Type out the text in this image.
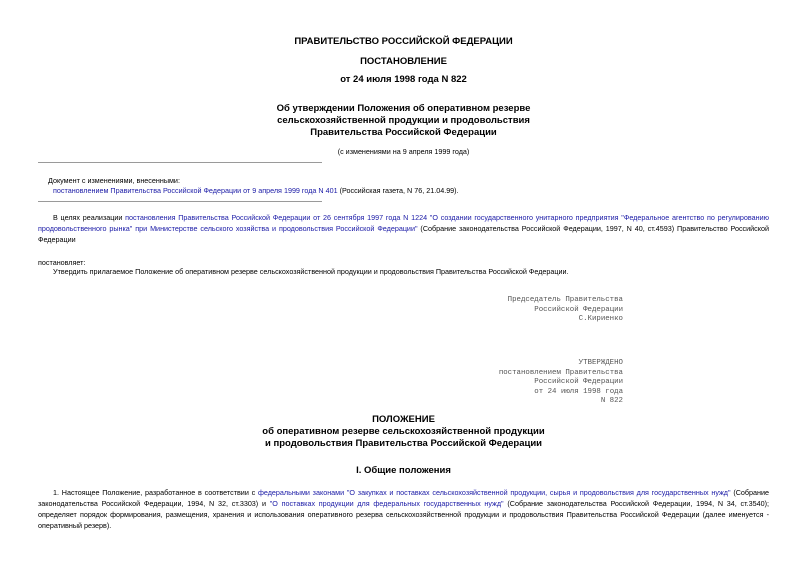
ПРАВИТЕЛЬСТВО РОССИЙСКОЙ ФЕДЕРАЦИИ
ПОСТАНОВЛЕНИЕ
от 24 июля 1998 года N 822
Об утверждении Положения об оперативном резерве
сельскохозяйственной продукции и продовольствия
Правительства Российской Федерации
(с изменениями на 9 апреля 1999 года)
Документ с изменениями, внесенными:
постановлением Правительства Российской Федерации от 9 апреля 1999 года N 401 (Российская газета, N 76, 21.04.99).
В целях реализации постановления Правительства Российской Федерации от 26 сентября 1997 года N 1224 "О создании государственного унитарного предприятия "Федеральное агентство по регулированию
продовольственного рынка" при Министерстве сельского хозяйства и продовольствия Российской Федерации" (Собрание законодательства Российской Федерации, 1997, N 40, ст.4593) Правительство Российской
Федерации
постановляет:
Утвердить прилагаемое Положение об оперативном резерве сельскохозяйственной продукции и продовольствия Правительства Российской Федерации.
Председатель Правительства
Российской Федерации
С.Кириенко
УТВЕРЖДЕНО
постановлением Правительства
Российской Федерации
от 24 июля 1998 года
N 822
ПОЛОЖЕНИЕ
об оперативном резерве сельскохозяйственной продукции
и продовольствия Правительства Российской Федерации
I. Общие положения
1. Настоящее Положение, разработанное в соответствии с федеральными законами "О закупках и поставках сельскохозяйственной продукции, сырья и продовольствия для государственных нужд" (Собрание
законодательства Российской Федерации, 1994, N 32, ст.3303) и "О поставках продукции для федеральных государственных нужд" (Собрание законодательства Российской Федерации, 1994, N 34, ст.3540);
определяет порядок формирования, размещения, хранения и использования оперативного резерва сельскохозяйственной продукции и продовольствия Правительства Российской Федерации (далее именуется -
оперативный резерв).
